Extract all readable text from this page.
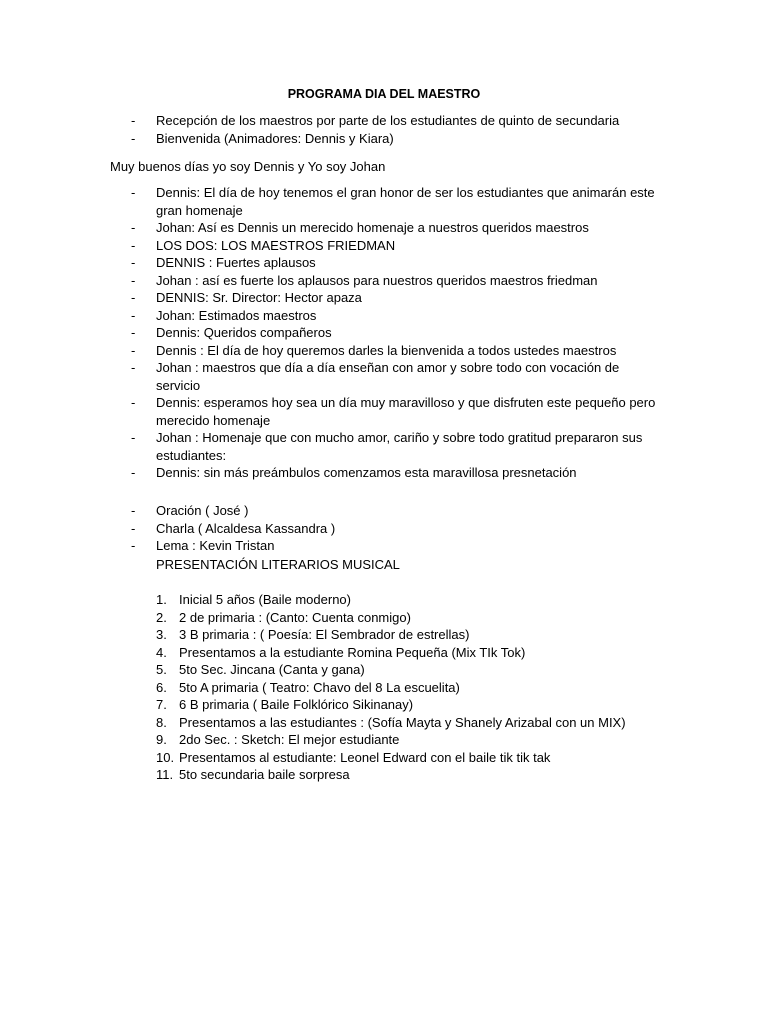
PROGRAMA DIA DEL MAESTRO
- Recepción de los maestros por parte de los estudiantes de quinto de secundaria
- Bienvenida (Animadores: Dennis y Kiara)
Muy buenos días yo soy Dennis y Yo soy Johan
- Dennis: El día de hoy tenemos el gran honor de ser los estudiantes que animarán este gran homenaje
- Johan: Así es Dennis un merecido homenaje a nuestros queridos maestros
- LOS DOS: LOS MAESTROS FRIEDMAN
- DENNIS : Fuertes aplausos
- Johan : así es fuerte los aplausos para nuestros queridos maestros friedman
- DENNIS: Sr. Director: Hector apaza
- Johan: Estimados maestros
- Dennis: Queridos compañeros
- Dennis : El día de hoy queremos darles la bienvenida a todos ustedes maestros
- Johan : maestros que día a día enseñan con amor y sobre todo con vocación de servicio
- Dennis: esperamos hoy sea un día muy maravilloso y que disfruten este pequeño pero merecido homenaje
- Johan : Homenaje que con mucho amor, cariño y sobre todo gratitud prepararon sus estudiantes:
- Dennis: sin más preámbulos comenzamos esta maravillosa presnetación
- Oración ( José )
- Charla ( Alcaldesa Kassandra )
- Lema : Kevin Tristan
PRESENTACIÓN LITERARIOS MUSICAL
1. Inicial 5 años (Baile moderno)
2. 2 de primaria : (Canto: Cuenta conmigo)
3. 3 B primaria : ( Poesía: El Sembrador de estrellas)
4. Presentamos a la estudiante Romina Pequeña (Mix TIk Tok)
5. 5to Sec. Jincana (Canta y gana)
6. 5to A primaria ( Teatro: Chavo del 8 La escuelita)
7. 6 B primaria ( Baile Folklórico Sikinanay)
8. Presentamos a las estudiantes : (Sofía Mayta y Shanely Arizabal con un MIX)
9. 2do Sec. : Sketch: El mejor estudiante
10. Presentamos al estudiante: Leonel Edward con el baile tik tik tak
11. 5to secundaria baile sorpresa
